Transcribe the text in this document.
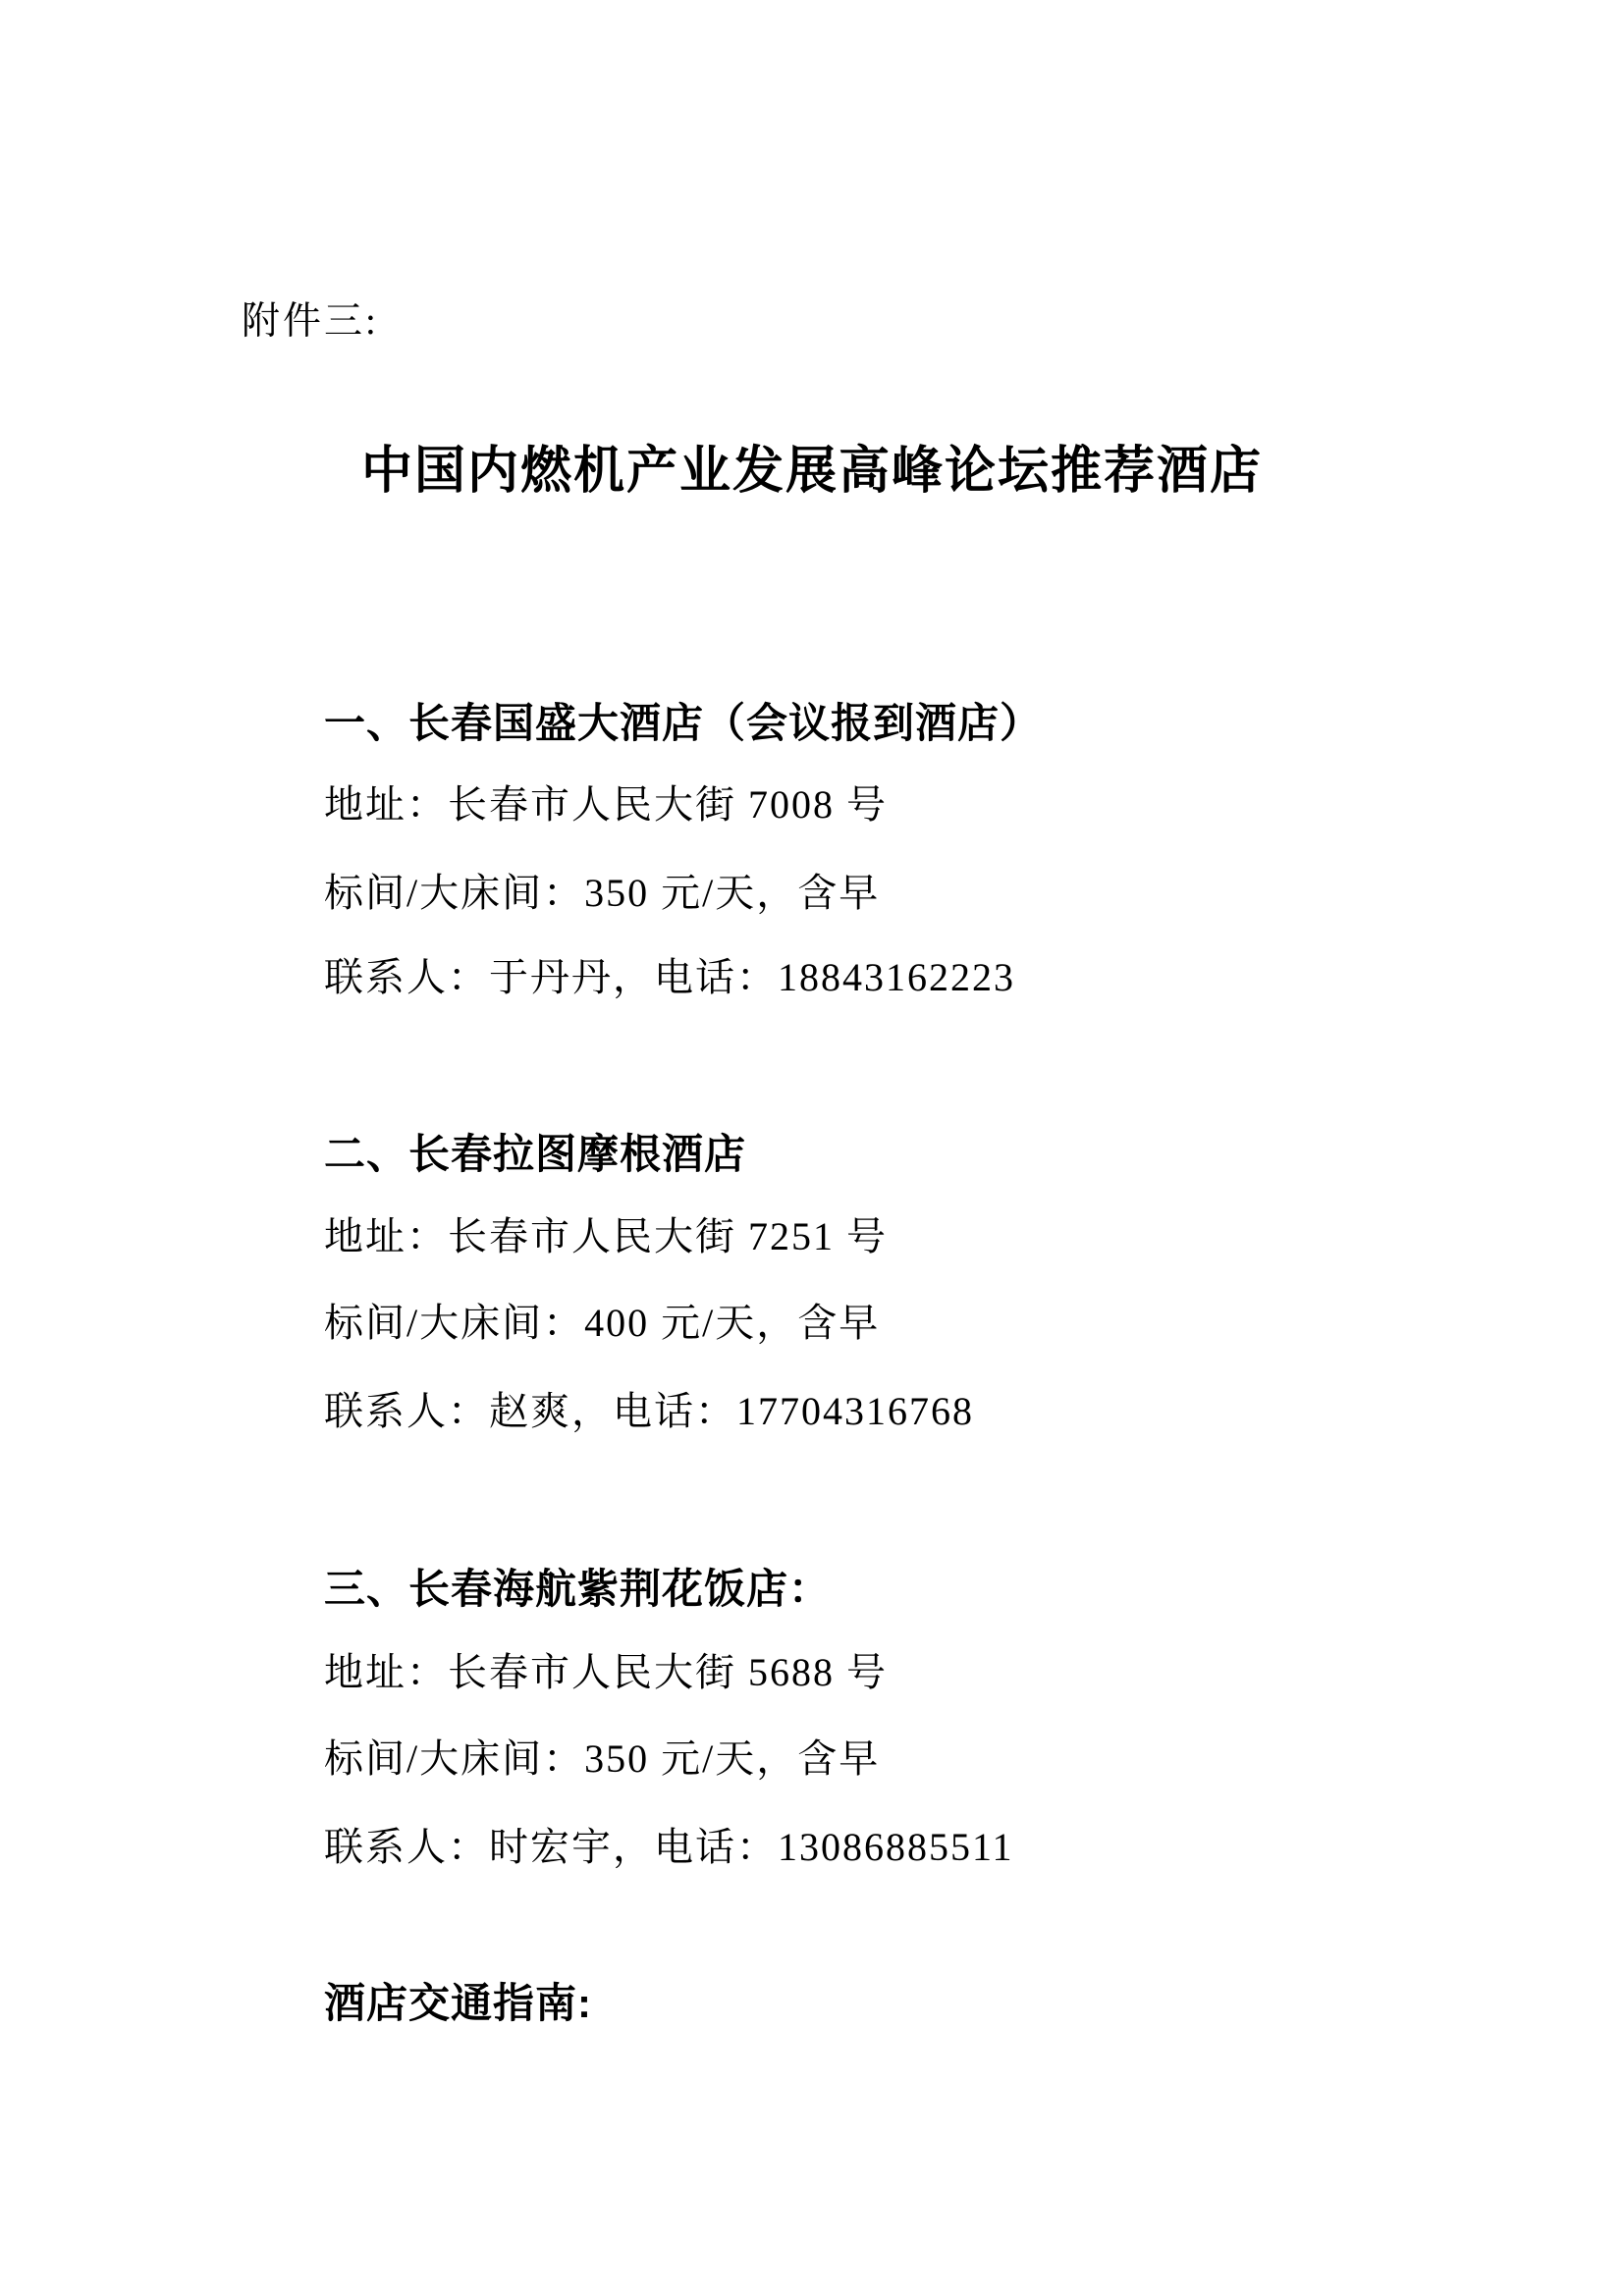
附件三:
中国内燃机产业发展高峰论坛推荐酒店
一、长春国盛大酒店（会议报到酒店）
地址：长春市人民大街 7008 号
标间/大床间：350 元/天，含早
联系人：于丹丹，电话：18843162223
二、长春拉图摩根酒店
地址：长春市人民大街 7251 号
标间/大床间：400 元/天，含早
联系人：赵爽，电话：17704316768
三、长春海航紫荆花饭店：
地址：长春市人民大街 5688 号
标间/大床间：350 元/天，含早
联系人：时宏宇，电话：13086885511
酒店交通指南:
